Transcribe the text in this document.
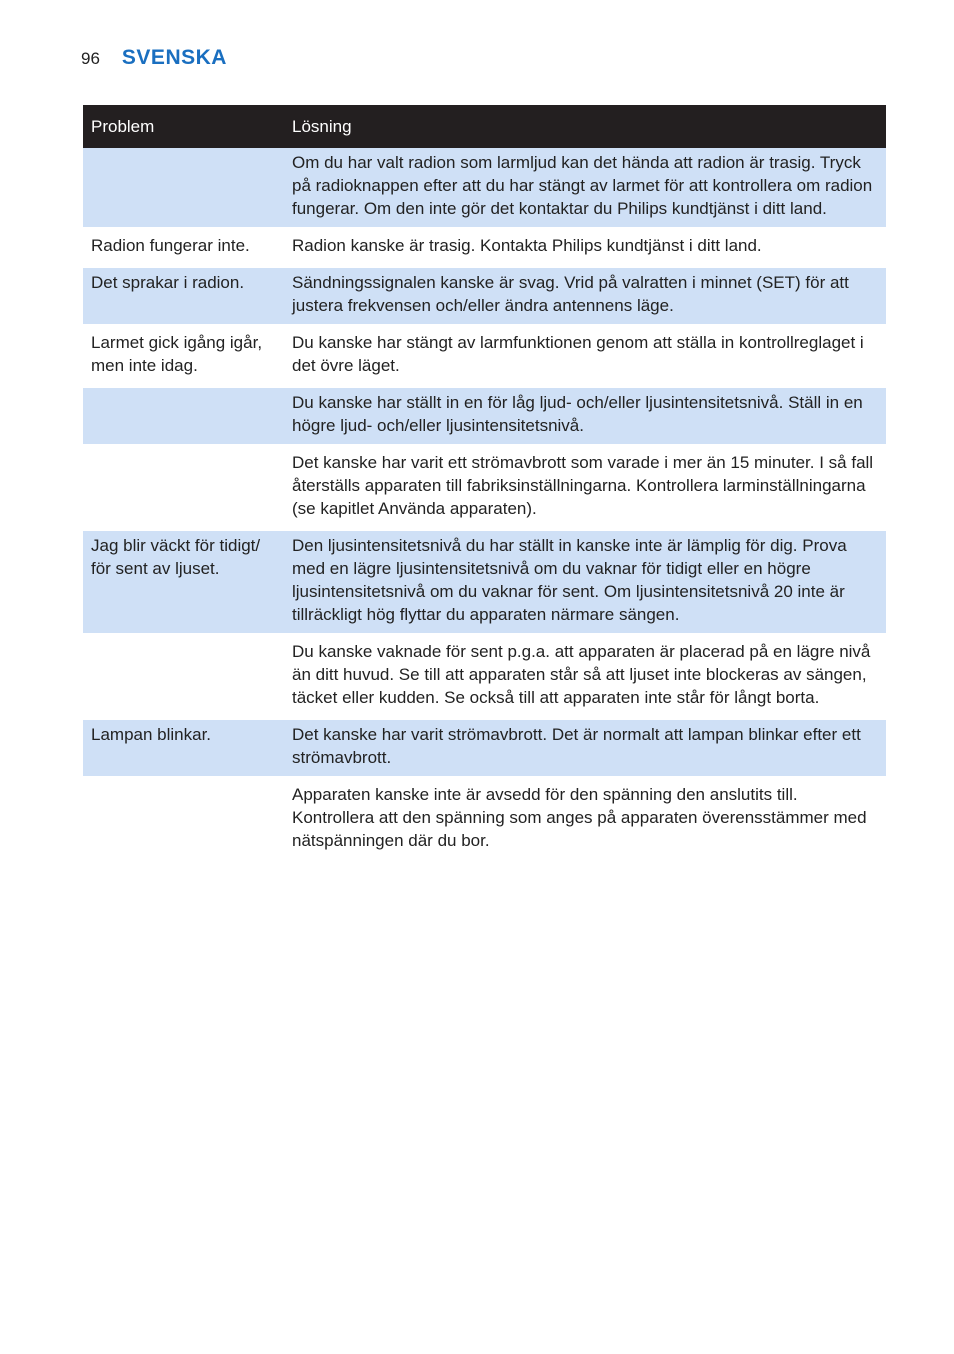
96 SVENSKA
Problem	Lösning
	Om du har valt radion som larmljud kan det hända att radion är trasig. Tryck på radioknappen efter att du har stängt av larmet för att kontrollera om radion fungerar. Om den inte gör det kontaktar du Philips kundtjänst i ditt land.
Radion fungerar inte.	Radion kanske är trasig. Kontakta Philips kundtjänst i ditt land.
Det sprakar i radion.	Sändningssignalen kanske är svag. Vrid på valratten i minnet (SET) för att justera frekvensen och/eller ändra antennens läge.
Larmet gick igång igår, men inte idag.	Du kanske har stängt av larmfunktionen genom att ställa in kontrollreglaget i det övre läget.
	Du kanske har ställt in en för låg ljud- och/eller ljusintensitetsnivå. Ställ in en högre ljud- och/eller ljusintensitetsnivå.
	Det kanske har varit ett strömavbrott som varade i mer än 15 minuter. I så fall återställs apparaten till fabriksinställningarna. Kontrollera larminställningarna (se kapitlet Använda apparaten).
Jag blir väckt för tidigt/ för sent av ljuset.	Den ljusintensitetsnivå du har ställt in kanske inte är lämplig för dig. Prova med en lägre ljusintensitetsnivå om du vaknar för tidigt eller en högre ljusintensitetsnivå om du vaknar för sent. Om ljusintensitetsnivå 20 inte är tillräckligt hög flyttar du apparaten närmare sängen.
	Du kanske vaknade för sent p.g.a. att apparaten är placerad på en lägre nivå än ditt huvud. Se till att apparaten står så att ljuset inte blockeras av sängen, täcket eller kudden. Se också till att apparaten inte står för långt borta.
Lampan blinkar.	Det kanske har varit strömavbrott. Det är normalt att lampan blinkar efter ett strömavbrott.
	Apparaten kanske inte är avsedd för den spänning den anslutits till. Kontrollera att den spänning som anges på apparaten överensstämmer med nätspänningen där du bor.
